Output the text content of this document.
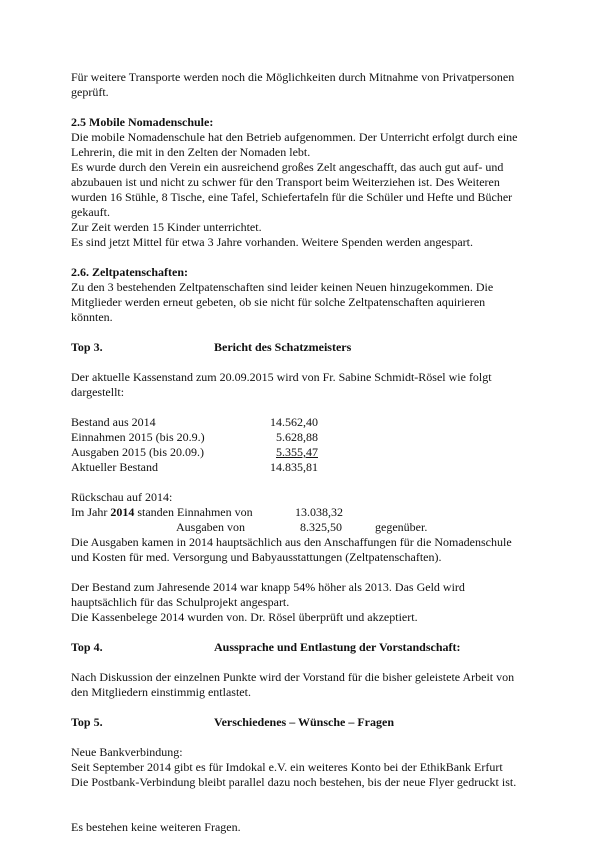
Für weitere Transporte werden noch die Möglichkeiten durch Mitnahme von Privatpersonen

geprüft.

2.5 Mobile Nomadenschule:

Die mobile Nomadenschule hat den Betrieb aufgenommen. Der Unterricht erfolgt durch eine

Lehrerin, die mit in den Zelten der Nomaden lebt.

Es wurde durch den Verein ein ausreichend großes Zelt angeschafft, das auch gut auf- und

abzubauen ist und nicht zu schwer für den Transport beim Weiterziehen ist. Des Weiteren

wurden 16 Stühle, 8 Tische, eine Tafel, Schiefertafeln für die Schüler und Hefte und Bücher

gekauft.

Zur Zeit werden 15 Kinder unterrichtet.

Es sind jetzt Mittel für etwa 3 Jahre vorhanden. Weitere Spenden werden angespart.

2.6. Zeltpatenschaften:

Zu den 3 bestehenden Zeltpatenschaften sind leider keinen Neuen hinzugekommen. Die

Mitglieder werden erneut gebeten, ob sie nicht für solche Zeltpatenschaften aquirieren

könnten.

Top 3.	Bericht des Schatzmeisters

Der aktuelle Kassenstand zum 20.09.2015 wird von Fr. Sabine Schmidt-Rösel wie folgt

dargestellt:

Bestand aus 2014	14.562,40
Einnahmen 2015 (bis 20.9.)	5.628,88
Ausgaben 2015 (bis 20.09.)	5.355,47
Aktueller Bestand	14.835,81

Rückschau auf 2014:

Im Jahr 2014 standen Einnahmen von	13.038,32
Ausgaben von	8.325,50	gegenüber.

Die Ausgaben kamen in 2014 hauptsächlich aus den Anschaffungen für die Nomadenschule

und Kosten für med. Versorgung und Babyausstattungen (Zeltpatenschaften).

Der Bestand zum Jahresende 2014 war knapp 54% höher als 2013. Das Geld wird

hauptsächlich für das Schulprojekt angespart.

Die Kassenbelege 2014 wurden von. Dr. Rösel überprüft und akzeptiert.

Top 4.	Aussprache und Entlastung der Vorstandschaft:

Nach Diskussion der einzelnen Punkte wird der Vorstand für die bisher geleistete Arbeit von

den Mitgliedern einstimmig entlastet.

Top 5.	Verschiedenes – Wünsche – Fragen

Neue Bankverbindung:

Seit September 2014 gibt es für Imdokal e.V. ein weiteres Konto bei der EthikBank Erfurt

Die Postbank-Verbindung bleibt parallel dazu noch bestehen, bis der neue Flyer gedruckt ist.

Es bestehen keine weiteren Fragen.
